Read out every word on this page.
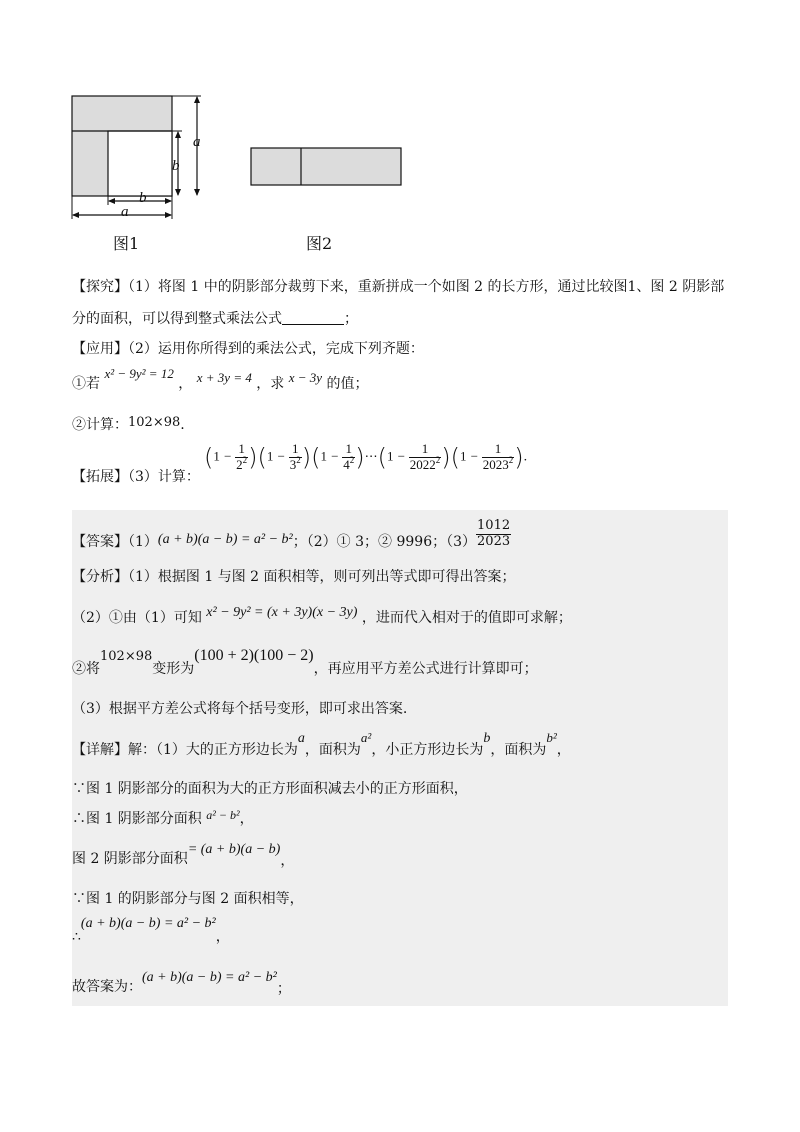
a
b
b
a
图1	图2
【探究】（1）将图 1 中的阴影部分裁剪下来，重新拼成一个如图 2 的长方形，通过比较图1、图 2 阴影部
分的面积，可以得到整式乘法公式	；
【应用】（2）运用你所得到的乘法公式，完成下列齐题：
①若 x² − 9y² = 12 ， x + 3y = 4 ，求 x − 3y 的值；
②计算：102×98.
【拓展】（3）计算：
$(1 - \frac{1}{2^2} )(1 - \frac{1}{3^2} )(1 - \frac{1}{4^2}$ )⋯(1 − $\frac{1}{2022^2} )(1 - \frac{1}{2023^2}$ ).
【答案】（1）(a + b)(a − b) = a² − b²；（2）① 3；② 9996；$(3) \frac{1012}{2023}$
【分析】（1）根据图 1 与图 2 面积相等，则可列出等式即可得出答案；
（2）①由（1）可知 x² − 9y² = (x + 3y)(x − 3y) ，进而代入相对于的值即可求解；
②将102×98变形为(100 + 2)(100 − 2)，再应用平方差公式进行计算即可；
（3）根据平方差公式将每个括号变形，即可求出答案.
【详解】解：（1）大的正方形边长为a，面积为a²，小正方形边长为b，面积为b²，
∵图 1 阴影部分的面积为大的正方形面积减去小的正方形面积，
∴图 1 阴影部分面积 a² − b²，
图 2 阴影部分面积= (a + b)(a − b)，
∵图 1 的阴影部分与图 2 面积相等，
∴(a + b)(a − b) = a² − b²，
故答案为：(a + b)(a − b) = a² − b²；
